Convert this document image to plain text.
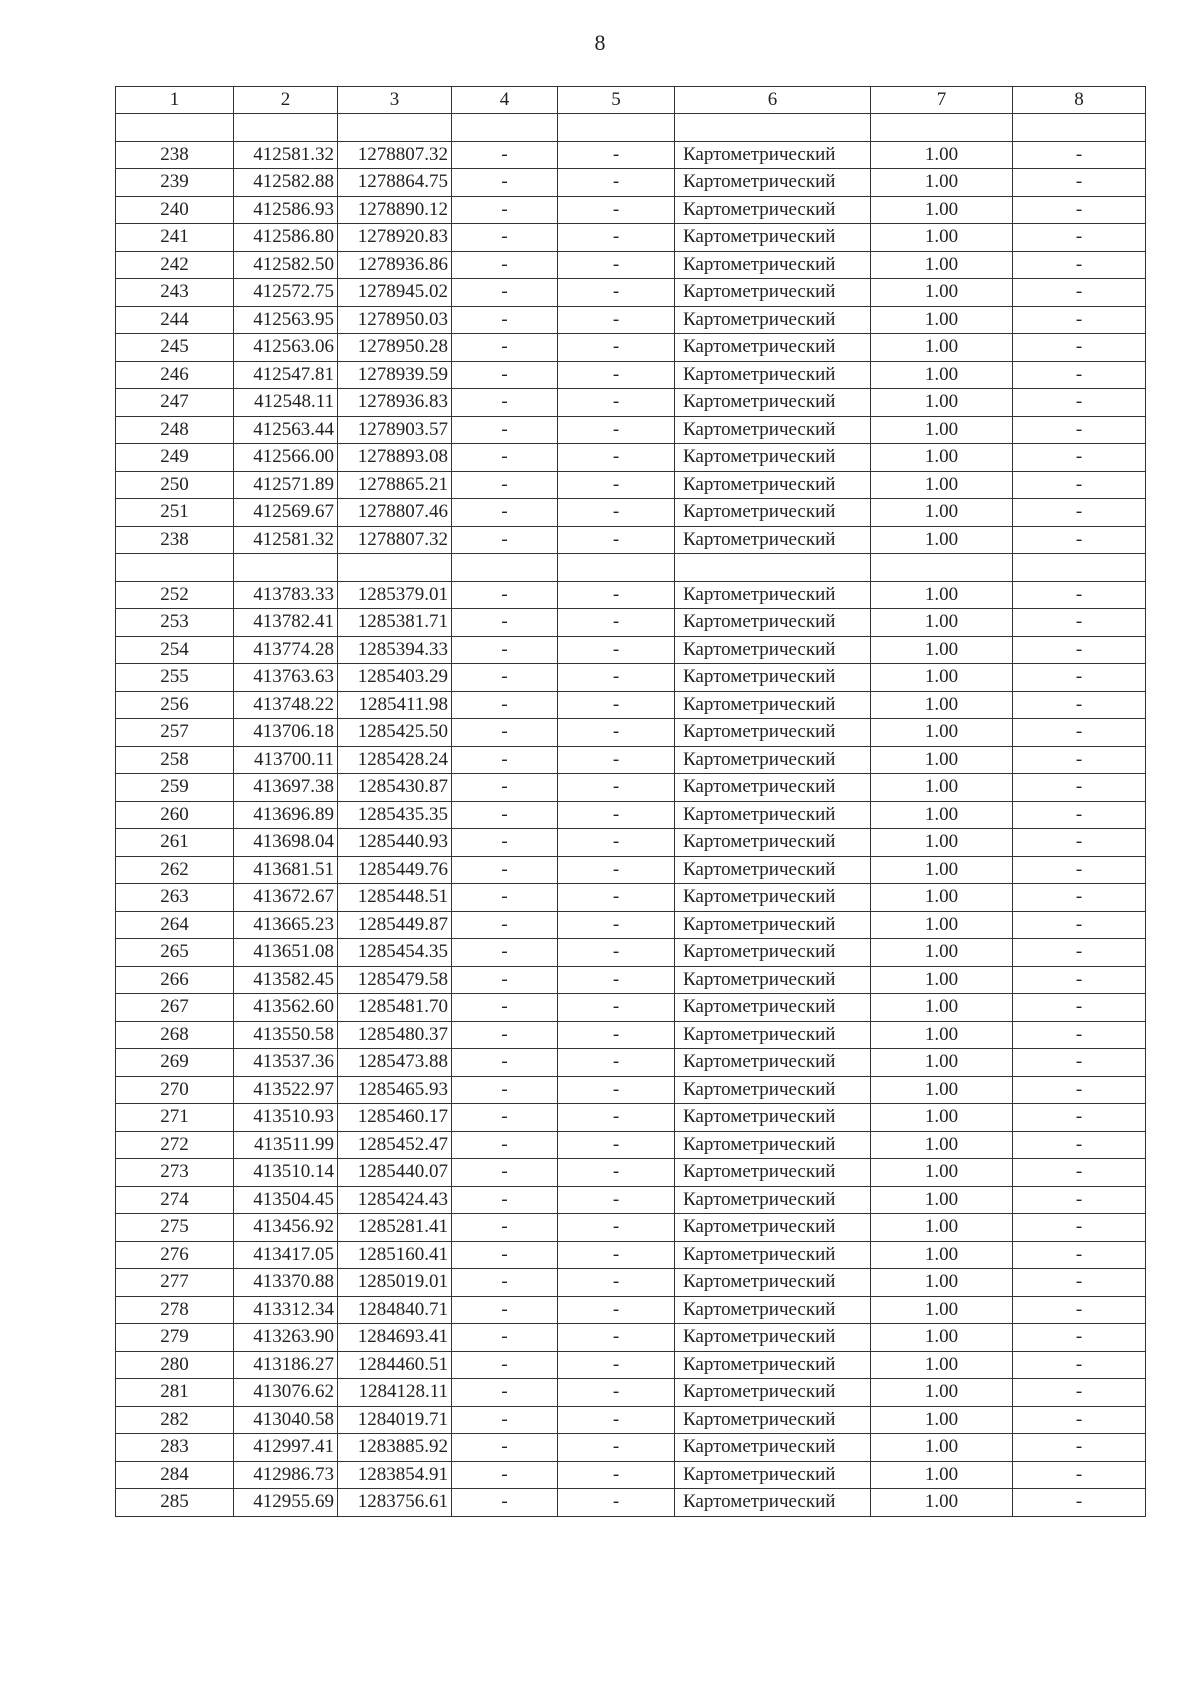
8
1	2	3	4	5	6	7	8

238	412581.32	1278807.32	-	-	Картометрический	1.00	-
239	412582.88	1278864.75	-	-	Картометрический	1.00	-
240	412586.93	1278890.12	-	-	Картометрический	1.00	-
241	412586.80	1278920.83	-	-	Картометрический	1.00	-
242	412582.50	1278936.86	-	-	Картометрический	1.00	-
243	412572.75	1278945.02	-	-	Картометрический	1.00	-
244	412563.95	1278950.03	-	-	Картометрический	1.00	-
245	412563.06	1278950.28	-	-	Картометрический	1.00	-
246	412547.81	1278939.59	-	-	Картометрический	1.00	-
247	412548.11	1278936.83	-	-	Картометрический	1.00	-
248	412563.44	1278903.57	-	-	Картометрический	1.00	-
249	412566.00	1278893.08	-	-	Картометрический	1.00	-
250	412571.89	1278865.21	-	-	Картометрический	1.00	-
251	412569.67	1278807.46	-	-	Картометрический	1.00	-
238	412581.32	1278807.32	-	-	Картометрический	1.00	-

252	413783.33	1285379.01	-	-	Картометрический	1.00	-
253	413782.41	1285381.71	-	-	Картометрический	1.00	-
254	413774.28	1285394.33	-	-	Картометрический	1.00	-
255	413763.63	1285403.29	-	-	Картометрический	1.00	-
256	413748.22	1285411.98	-	-	Картометрический	1.00	-
257	413706.18	1285425.50	-	-	Картометрический	1.00	-
258	413700.11	1285428.24	-	-	Картометрический	1.00	-
259	413697.38	1285430.87	-	-	Картометрический	1.00	-
260	413696.89	1285435.35	-	-	Картометрический	1.00	-
261	413698.04	1285440.93	-	-	Картометрический	1.00	-
262	413681.51	1285449.76	-	-	Картометрический	1.00	-
263	413672.67	1285448.51	-	-	Картометрический	1.00	-
264	413665.23	1285449.87	-	-	Картометрический	1.00	-
265	413651.08	1285454.35	-	-	Картометрический	1.00	-
266	413582.45	1285479.58	-	-	Картометрический	1.00	-
267	413562.60	1285481.70	-	-	Картометрический	1.00	-
268	413550.58	1285480.37	-	-	Картометрический	1.00	-
269	413537.36	1285473.88	-	-	Картометрический	1.00	-
270	413522.97	1285465.93	-	-	Картометрический	1.00	-
271	413510.93	1285460.17	-	-	Картометрический	1.00	-
272	413511.99	1285452.47	-	-	Картометрический	1.00	-
273	413510.14	1285440.07	-	-	Картометрический	1.00	-
274	413504.45	1285424.43	-	-	Картометрический	1.00	-
275	413456.92	1285281.41	-	-	Картометрический	1.00	-
276	413417.05	1285160.41	-	-	Картометрический	1.00	-
277	413370.88	1285019.01	-	-	Картометрический	1.00	-
278	413312.34	1284840.71	-	-	Картометрический	1.00	-
279	413263.90	1284693.41	-	-	Картометрический	1.00	-
280	413186.27	1284460.51	-	-	Картометрический	1.00	-
281	413076.62	1284128.11	-	-	Картометрический	1.00	-
282	413040.58	1284019.71	-	-	Картометрический	1.00	-
283	412997.41	1283885.92	-	-	Картометрический	1.00	-
284	412986.73	1283854.91	-	-	Картометрический	1.00	-
285	412955.69	1283756.61	-	-	Картометрический	1.00	-
